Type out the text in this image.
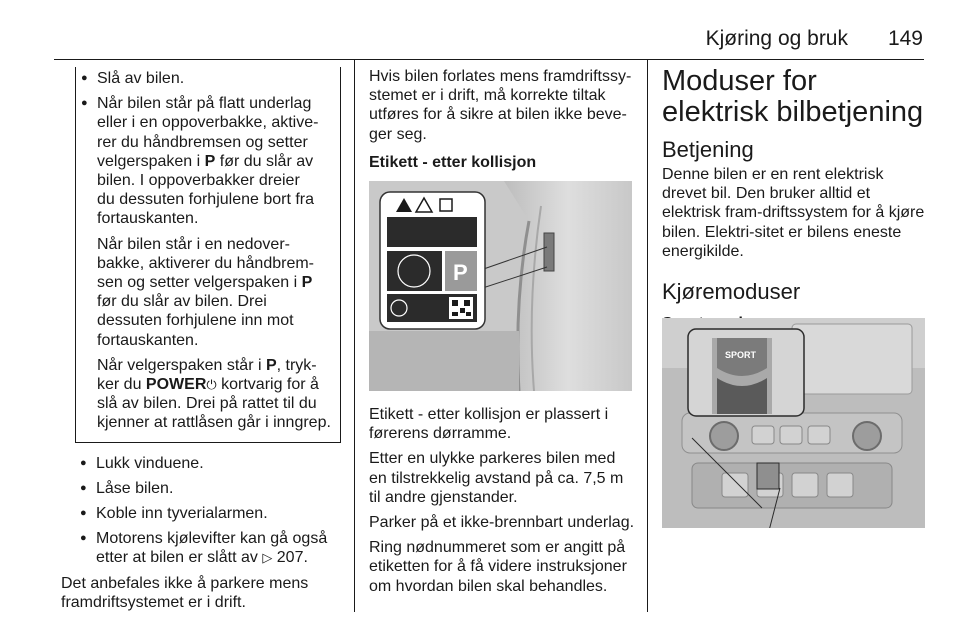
Kjøring og bruk 149
● Slå av bilen.
● Når bilen står på flatt underlag eller i en oppoverbakke, aktive-rer du håndbremsen og setter velgerspaken i P før du slår av bilen. I oppoverbakker dreier du dessuten forhjulene bort fra fortauskanten.

Når bilen står i en nedover-bakke, aktiverer du håndbrem-sen og setter velgerspaken i P før du slår av bilen. Drei dessuten forhjulene inn mot fortauskanten.

Når velgerspaken står i P, tryk-ker du POWER⏻ kortvarig for å slå av bilen. Drei på rattet til du kjenner at rattlåsen går i inngrep.

● Lukk vinduene.
● Låse bilen.
● Koble inn tyverialarmen.
● Motorens kjølevifter kan gå også etter at bilen er slått av ▷ 207.

Det anbefales ikke å parkere mens framdriftsystemet er i drift.

Hvis bilen forlates mens framdriftssy-stemet er i drift, må korrekte tiltak utføres for å sikre at bilen ikke beve-ger seg.

Etikett - etter kollisjon
P

Etikett - etter kollisjon er plassert i førerens dørramme.

Etter en ulykke parkeres bilen med en tilstrekkelig avstand på ca. 7,5 m til andre gjenstander.

Parker på et ikke-brennbart underlag.

Ring nødnummeret som er angitt på etiketten for å få videre instruksjoner om hvordan bilen skal behandles.

Moduser for elektrisk bilbetjening
Betjening

Denne bilen er en rent elektrisk drevet bil. Den bruker alltid et elektrisk fram-driftssystem for å kjøre bilen. Elektri-sitet er bilens eneste energikilde.

Kjøremoduser
SPORT
